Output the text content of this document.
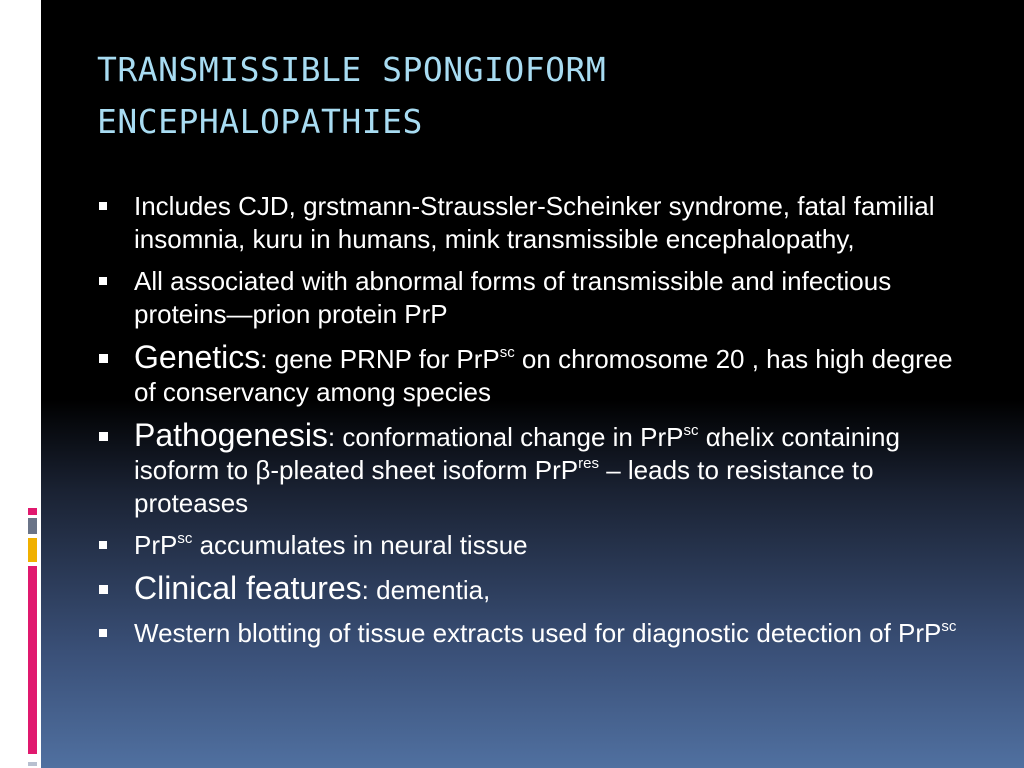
TRANSMISSIBLE SPONGIOFORM
ENCEPHALOPATHIES
Includes CJD, grstmann-Straussler-Scheinker syndrome, fatal familial insomnia, kuru in humans, mink transmissible encephalopathy,
All associated with abnormal forms of transmissible and infectious proteins—prion protein PrP
Genetics: gene PRNP for PrP$^{sc}$ on chromosome 20 , has high degree of conservancy among species
Pathogenesis: conformational change in PrP$^{sc}$ αhelix containing isoform to β-pleated sheet isoform PrP$^{res}$ – leads to resistance to proteases
PrP$^{sc}$ accumulates in neural tissue
Clinical features: dementia,
Western blotting of tissue extracts used for diagnostic detection of PrP$^{sc}$
